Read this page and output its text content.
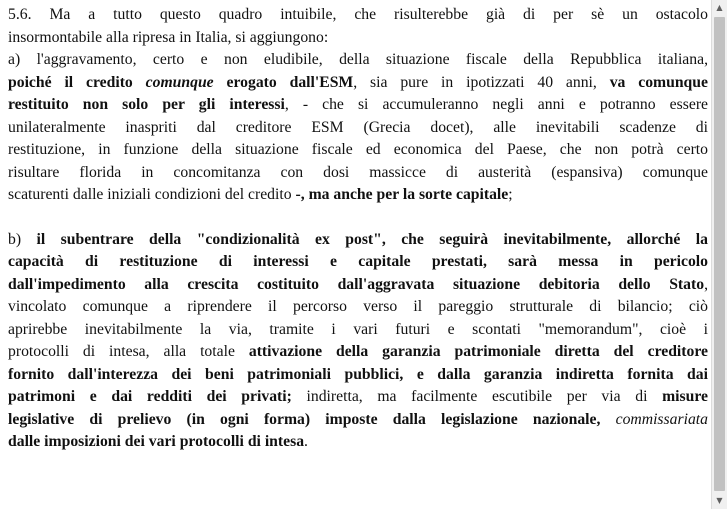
5.6. Ma a tutto questo quadro intuibile, che risulterebbe già di per sè un ostacolo
insormontabile alla ripresa in Italia, si aggiungono:
a) l'aggravamento, certo e non eludibile, della situazione fiscale della Repubblica italiana,
poiché il credito comunque erogato dall'ESM, sia pure in ipotizzati 40 anni, va comunque
restituito non solo per gli interessi, - che si accumuleranno negli anni e potranno essere
unilateralmente inaspriti dal creditore ESM (Grecia docet), alle inevitabili scadenze di
restituzione, in funzione della situazione fiscale ed economica del Paese, che non potrà certo
risultare florida in concomitanza con dosi massicce di austerità (espansiva) comunque
scaturenti dalle iniziali condizioni del credito -, ma anche per la sorte capitale;
b) il subentrare della "condizionalità ex post", che seguirà inevitabilmente, allorché la
capacità di restituzione di interessi e capitale prestati, sarà messa in pericolo
dall'impedimento alla crescita costituito dall'aggravata situazione debitoria dello Stato,
vincolato comunque a riprendere il percorso verso il pareggio strutturale di bilancio; ciò
aprirebbe inevitabilmente la via, tramite i vari futuri e scontati "memorandum", cioè i
protocolli di intesa, alla totale attivazione della garanzia patrimoniale diretta del creditore
fornito dall'interezza dei beni patrimoniali pubblici, e dalla garanzia indiretta fornita dai
patrimoni e dai redditi dei privati; indiretta, ma facilmente escutibile per via di misure
legislative di prelievo (in ogni forma) imposte dalla legislazione nazionale, commissariata
dalle imposizioni dei vari protocolli di intesa.
▲
▼
